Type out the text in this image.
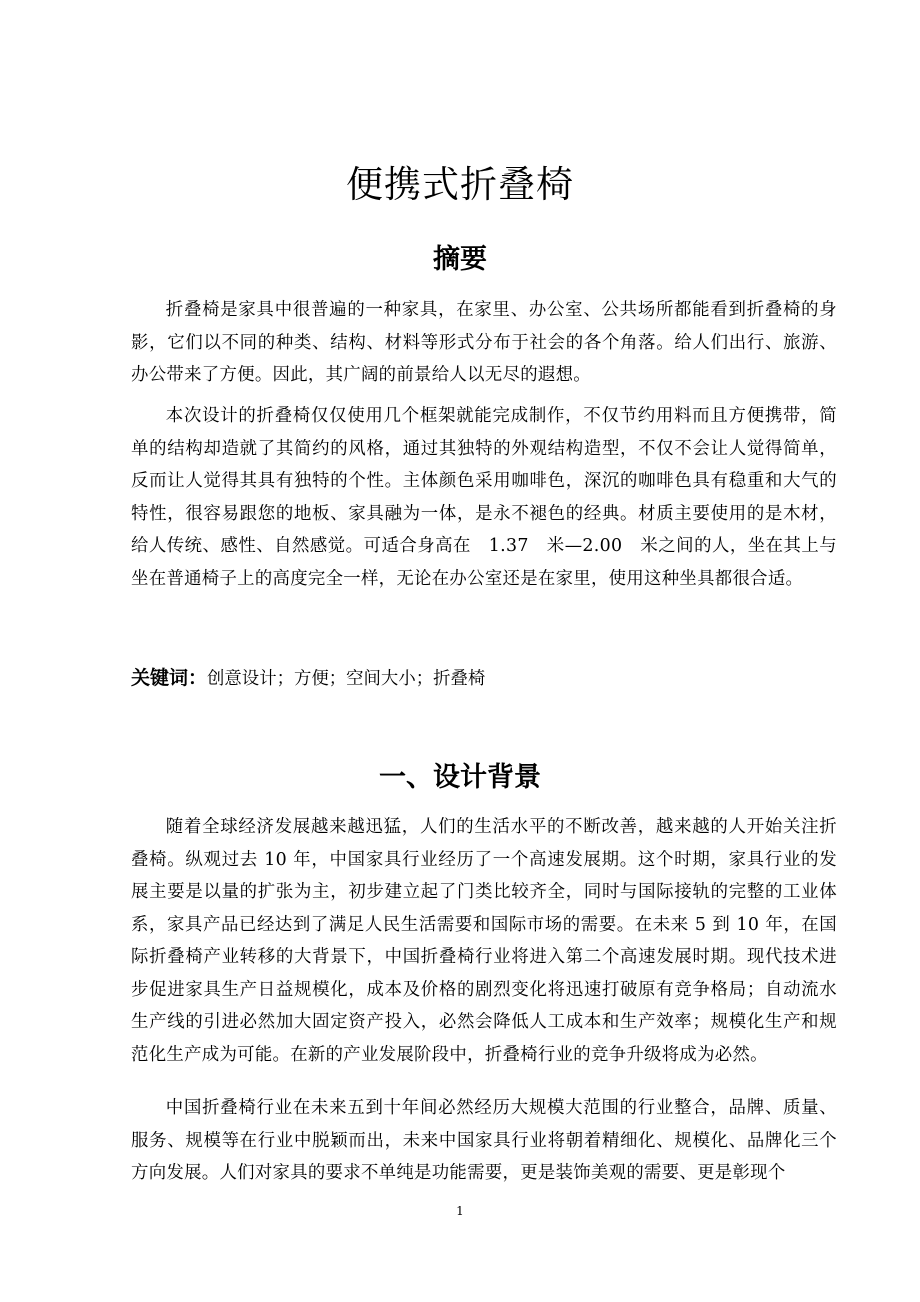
便携式折叠椅
摘要

折叠椅是家具中很普遍的一种家具，在家里、办公室、公共场所都能看到折叠椅的身影，它们以不同的种类、结构、材料等形式分布于社会的各个角落。给人们出行、旅游、办公带来了方便。因此，其广阔的前景给人以无尽的遐想。

本次设计的折叠椅仅仅使用几个框架就能完成制作，不仅节约用料而且方便携带，简单的结构却造就了其简约的风格，通过其独特的外观结构造型，不仅不会让人觉得简单，反而让人觉得其具有独特的个性。主体颜色采用咖啡色，深沉的咖啡色具有稳重和大气的特性，很容易跟您的地板、家具融为一体，是永不褪色的经典。材质主要使用的是木材，给人传统、感性、自然感觉。可适合身高在　1.37　米—2.00　米之间的人，坐在其上与坐在普通椅子上的高度完全一样，无论在办公室还是在家里，使用这种坐具都很合适。

关键词：创意设计；方便；空间大小；折叠椅
一、设计背景

随着全球经济发展越来越迅猛，人们的生活水平的不断改善，越来越的人开始关注折叠椅。纵观过去 10 年，中国家具行业经历了一个高速发展期。这个时期，家具行业的发展主要是以量的扩张为主，初步建立起了门类比较齐全，同时与国际接轨的完整的工业体系，家具产品已经达到了满足人民生活需要和国际市场的需要。在未来 5 到 10 年，在国际折叠椅产业转移的大背景下，中国折叠椅行业将进入第二个高速发展时期。现代技术进步促进家具生产日益规模化，成本及价格的剧烈变化将迅速打破原有竞争格局；自动流水生产线的引进必然加大固定资产投入，必然会降低人工成本和生产效率；规模化生产和规范化生产成为可能。在新的产业发展阶段中，折叠椅行业的竞争升级将成为必然。

中国折叠椅行业在未来五到十年间必然经历大规模大范围的行业整合，品牌、质量、服务、规模等在行业中脱颖而出，未来中国家具行业将朝着精细化、规模化、品牌化三个方向发展。人们对家具的要求不单纯是功能需要，更是装饰美观的需要、更是彰现个

1
